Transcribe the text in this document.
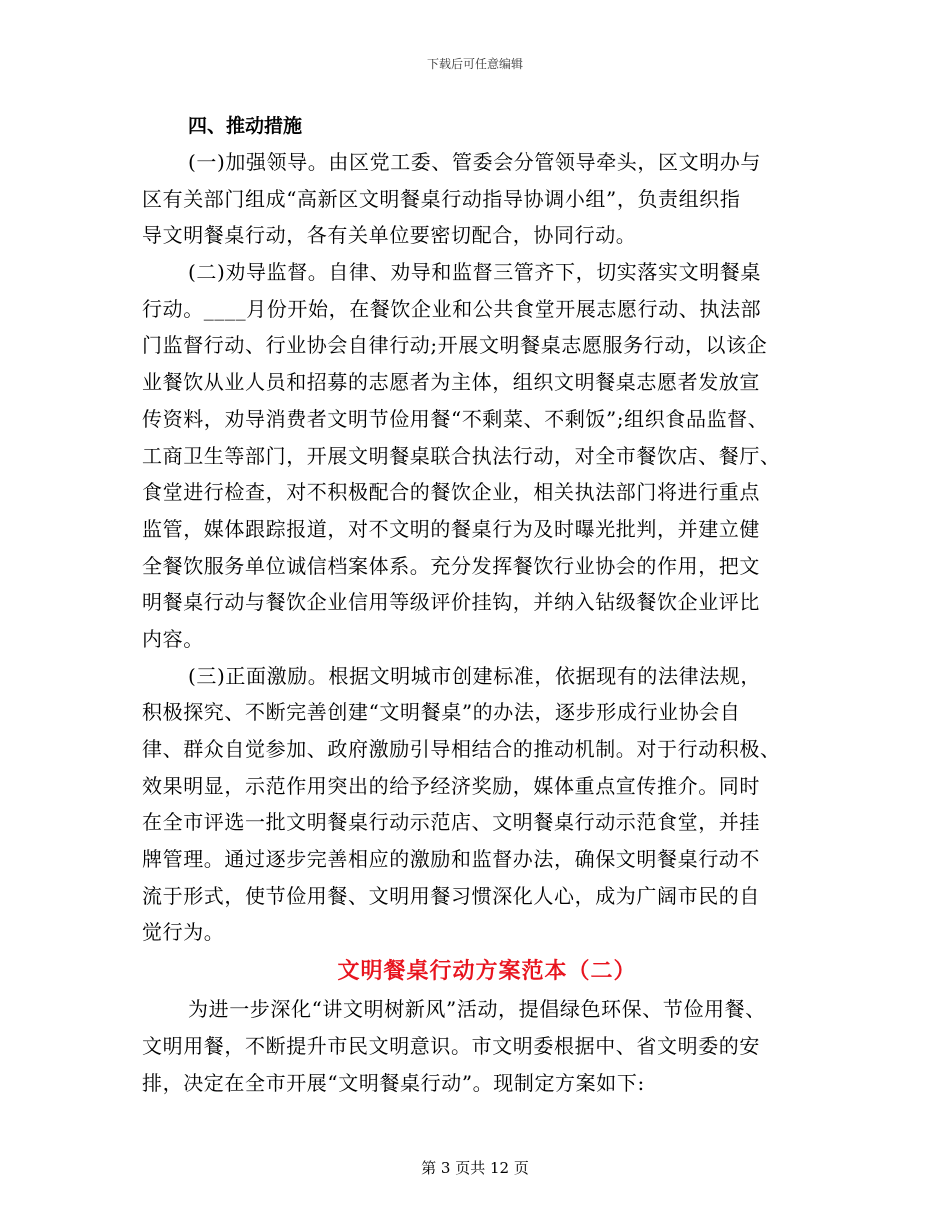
下载后可任意编辑
四、推动措施
(一)加强领导。由区党工委、管委会分管领导牵头，区文明办与
区有关部门组成“高新区文明餐桌行动指导协调小组”，负责组织指
导文明餐桌行动，各有关单位要密切配合，协同行动。
(二)劝导监督。自律、劝导和监督三管齐下，切实落实文明餐桌
行动。____月份开始，在餐饮企业和公共食堂开展志愿行动、执法部
门监督行动、行业协会自律行动;开展文明餐桌志愿服务行动，以该企
业餐饮从业人员和招募的志愿者为主体，组织文明餐桌志愿者发放宣
传资料，劝导消费者文明节俭用餐“不剩菜、不剩饭”;组织食品监督、
工商卫生等部门，开展文明餐桌联合执法行动，对全市餐饮店、餐厅、
食堂进行检查，对不积极配合的餐饮企业，相关执法部门将进行重点
监管，媒体跟踪报道，对不文明的餐桌行为及时曝光批判，并建立健
全餐饮服务单位诚信档案体系。充分发挥餐饮行业协会的作用，把文
明餐桌行动与餐饮企业信用等级评价挂钩，并纳入钻级餐饮企业评比
内容。
(三)正面激励。根据文明城市创建标准，依据现有的法律法规，
积极探究、不断完善创建“文明餐桌”的办法，逐步形成行业协会自
律、群众自觉参加、政府激励引导相结合的推动机制。对于行动积极、
效果明显，示范作用突出的给予经济奖励，媒体重点宣传推介。同时
在全市评选一批文明餐桌行动示范店、文明餐桌行动示范食堂，并挂
牌管理。通过逐步完善相应的激励和监督办法，确保文明餐桌行动不
流于形式，使节俭用餐、文明用餐习惯深化人心，成为广阔市民的自
觉行为。
文明餐桌行动方案范本（二）
为进一步深化“讲文明树新风”活动，提倡绿色环保、节俭用餐、
文明用餐，不断提升市民文明意识。市文明委根据中、省文明委的安
排，决定在全市开展“文明餐桌行动”。现制定方案如下:
第 3 页共 12 页
